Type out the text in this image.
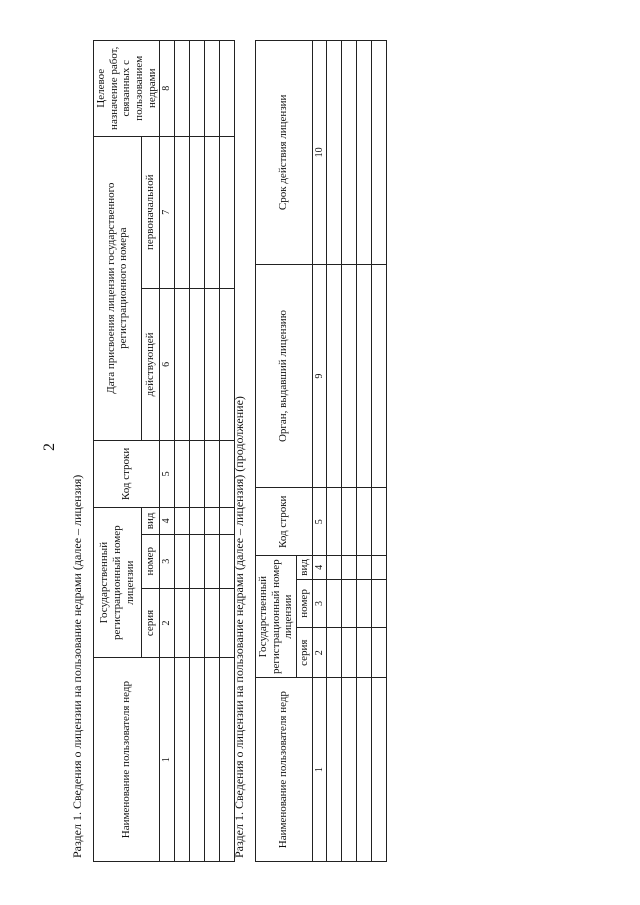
2
Раздел 1. Сведения о лицензии на пользование недрами (далее – лицензия)	Наименование пользователя недр	Государственный регистрационный номер лицензии			Код строки	Дата присвоения лицензии государственного регистрационного номера		Целевое назначение работ, связанных с пользованием недрами
	серия	номер	вид		действующей	первоначальной	
1	2	3	4	5	6	7	8

Раздел 1. Сведения о лицензии на пользование недрами (далее – лицензия) (продолжение)	Наименование пользователя недр	Государственный регистрационный номер лицензии			Код строки	Орган, выдавший лицензию	Срок действия лицензии
	серия	номер	вид			
1	2	3	4	5	9	10
